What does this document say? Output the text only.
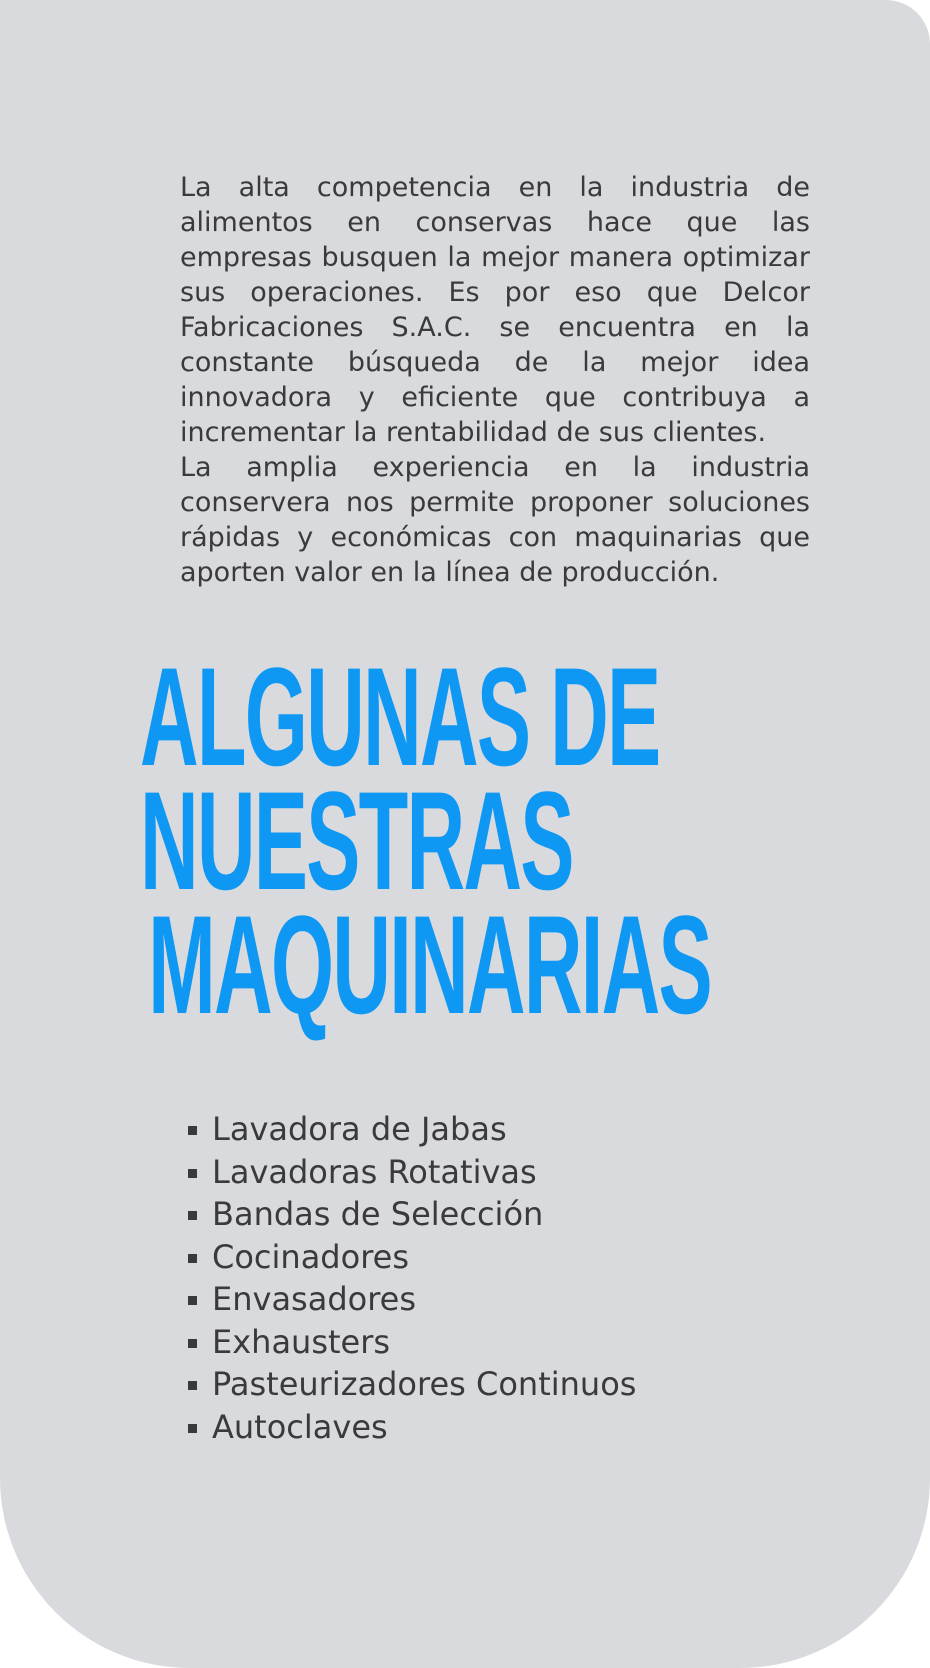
La alta competencia en la industria de alimentos en conservas hace que las empresas busquen la mejor manera optimizar sus operaciones. Es por eso que Delcor Fabricaciones S.A.C. se encuentra en la constante búsqueda de la mejor idea innovadora y eficiente que contribuya a incrementar la rentabilidad de sus clientes.

La amplia experiencia en la industria conservera nos permite proponer soluciones rápidas y económicas con maquinarias que aporten valor en la línea de producción.

ALGUNAS DE
NUESTRAS
MAQUINARIAS
Lavadora de Jabas
Lavadoras Rotativas
Bandas de Selección
Cocinadores
Envasadores
Exhausters
Pasteurizadores Continuos
Autoclaves
